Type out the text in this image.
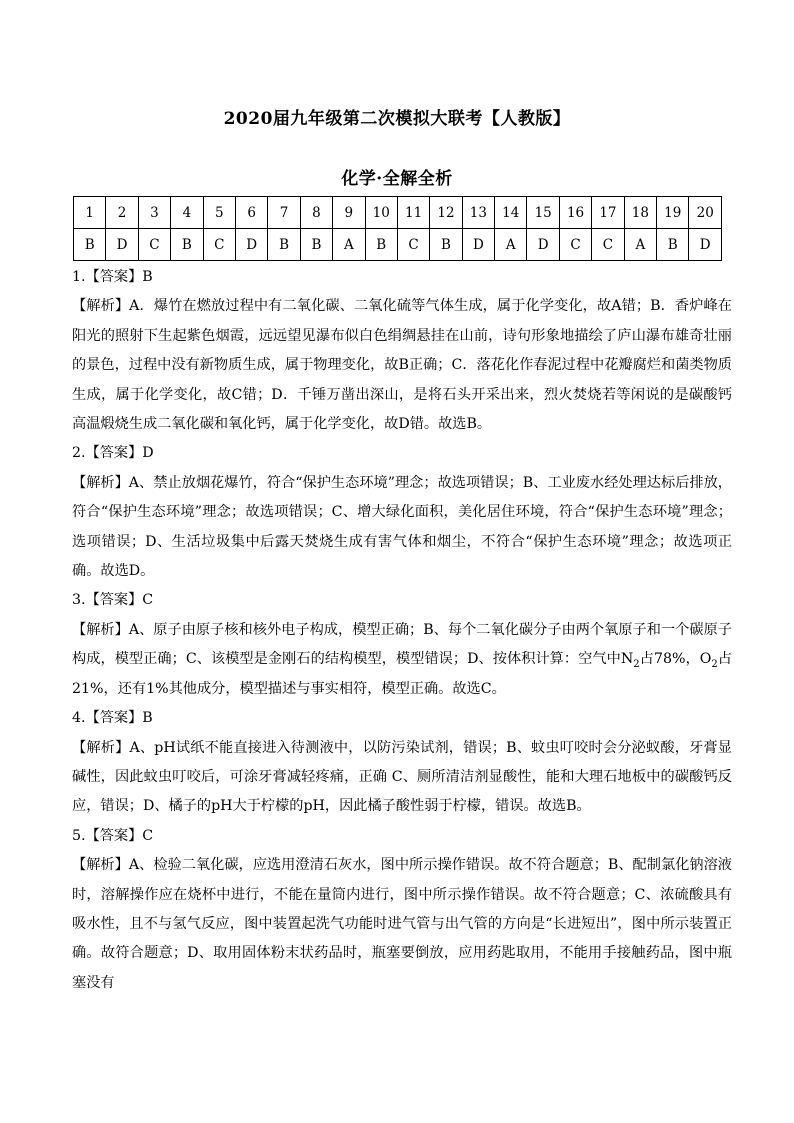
2020届九年级第二次模拟大联考【人教版】
化学·全解全析
1	2	3	4	5	6	7	8	9	10	11	12	13	14	15	16	17	18	19	20
B	D	C	B	C	D	B	B	A	B	C	B	D	A	D	C	C	A	B	D

1.【答案】B

【解析】A．爆竹在燃放过程中有二氧化碳、二氧化硫等气体生成，属于化学变化，故A错；B．香炉峰在阳光的照射下生起紫色烟霞，远远望见瀑布似白色绢绸悬挂在山前，诗句形象地描绘了庐山瀑布雄奇壮丽的景色，过程中没有新物质生成，属于物理变化，故B正确；C．落花化作春泥过程中花瓣腐烂和菌类物质生成，属于化学变化，故C错；D．千锤万凿出深山，是将石头开采出来，烈火焚烧若等闲说的是碳酸钙高温煅烧生成二氧化碳和氧化钙，属于化学变化，故D错。故选B。

2.【答案】D

【解析】A、禁止放烟花爆竹，符合“保护生态环境”理念；故选项错误；B、工业废水经处理达标后排放，符合“保护生态环境”理念；故选项错误；C、增大绿化面积，美化居住环境，符合“保护生态环境”理念；选项错误；D、生活垃圾集中后露天焚烧生成有害气体和烟尘，不符合“保护生态环境”理念；故选项正确。故选D。

3.【答案】C

【解析】A、原子由原子核和核外电子构成，模型正确；B、每个二氧化碳分子由两个氧原子和一个碳原子构成，模型正确；C、该模型是金刚石的结构模型，模型错误；D、按体积计算：空气中$N_2$占78%，$O_2$占21%，还有1%其他成分，模型描述与事实相符，模型正确。故选C。

4.【答案】B

【解析】A、pH试纸不能直接进入待测液中，以防污染试剂，错误；B、蚊虫叮咬时会分泌蚁酸，牙膏显碱性，因此蚊虫叮咬后，可涂牙膏减轻疼痛，正确 C、厕所清洁剂显酸性，能和大理石地板中的碳酸钙反应，错误；D、橘子的pH大于柠檬的pH，因此橘子酸性弱于柠檬，错误。故选B。

5.【答案】C

【解析】A、检验二氧化碳，应选用澄清石灰水，图中所示操作错误。故不符合题意；B、配制氯化钠溶液时，溶解操作应在烧杯中进行，不能在量筒内进行，图中所示操作错误。故不符合题意；C、浓硫酸具有吸水性，且不与氢气反应，图中装置起洗气功能时进气管与出气管的方向是“长进短出”，图中所示装置正确。故符合题意；D、取用固体粉末状药品时，瓶塞要倒放，应用药匙取用，不能用手接触药品，图中瓶塞没有
